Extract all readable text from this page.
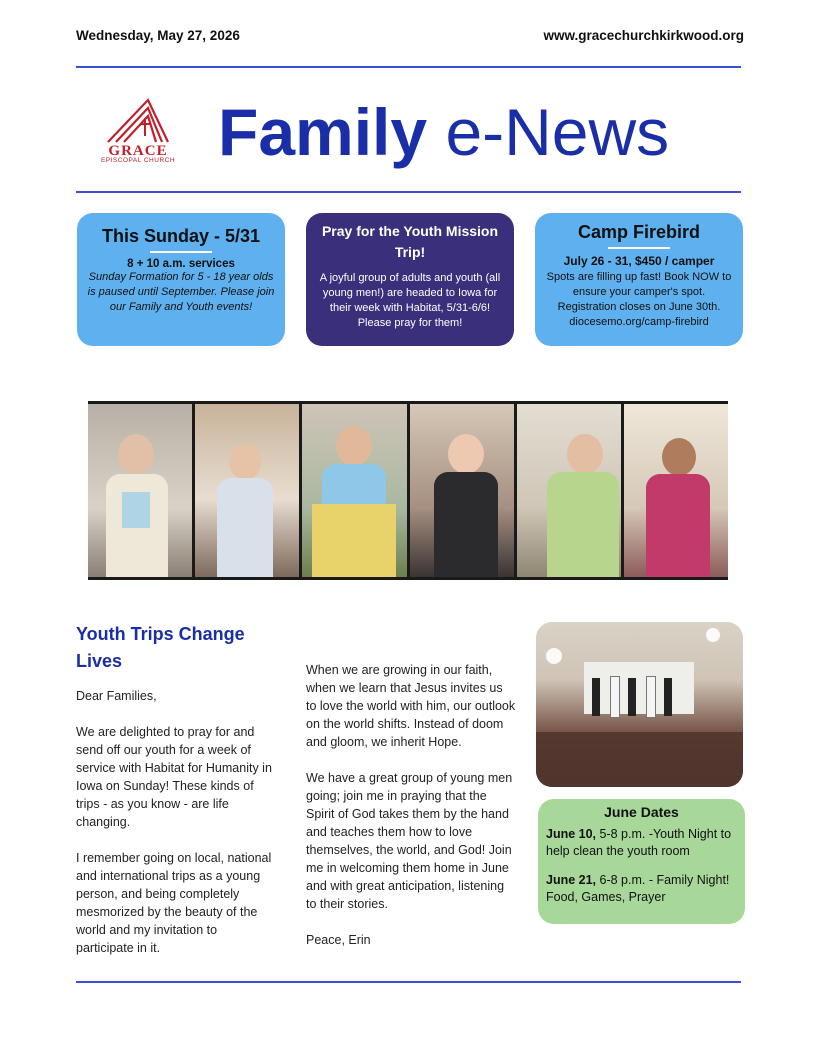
Wednesday, May 27, 2026	www.gracechurchkirkwood.org
GRACE
EPISCOPAL CHURCH Family e-News
This Sunday - 5/31
8 + 10 a.m. services
Sunday Formation for 5 - 18 year olds is paused until September. Please join our Family and Youth events!
Pray for the Youth Mission Trip!
A joyful group of adults and youth (all young men!) are headed to Iowa for their week with Habitat, 5/31-6/6! Please pray for them!
Camp Firebird
July 26 - 31, $450 / camper
Spots are filling up fast! Book NOW to ensure your camper's spot. Registration closes on June 30th. diocesemo.org/camp-firebird
Youth Trips Change Lives

Dear Families,

We are delighted to pray for and send off our youth for a week of service with Habitat for Humanity in Iowa on Sunday! These kinds of trips - as you know - are life changing.

I remember going on local, national and international trips as a young person, and being completely mesmorized by the beauty of the world and my invitation to participate in it.

When we are growing in our faith, when we learn that Jesus invites us to love the world with him, our outlook on the world shifts. Instead of doom and gloom, we inherit Hope.

We have a great group of young men going; join me in praying that the Spirit of God takes them by the hand and teaches them how to love themselves, the world, and God! Join me in welcoming them home in June and with great anticipation, listening to their stories.

Peace, Erin

June Dates

June 10, 5-8 p.m. -Youth Night to help clean the youth room

June 21, 6-8 p.m. - Family Night! Food, Games, Prayer
